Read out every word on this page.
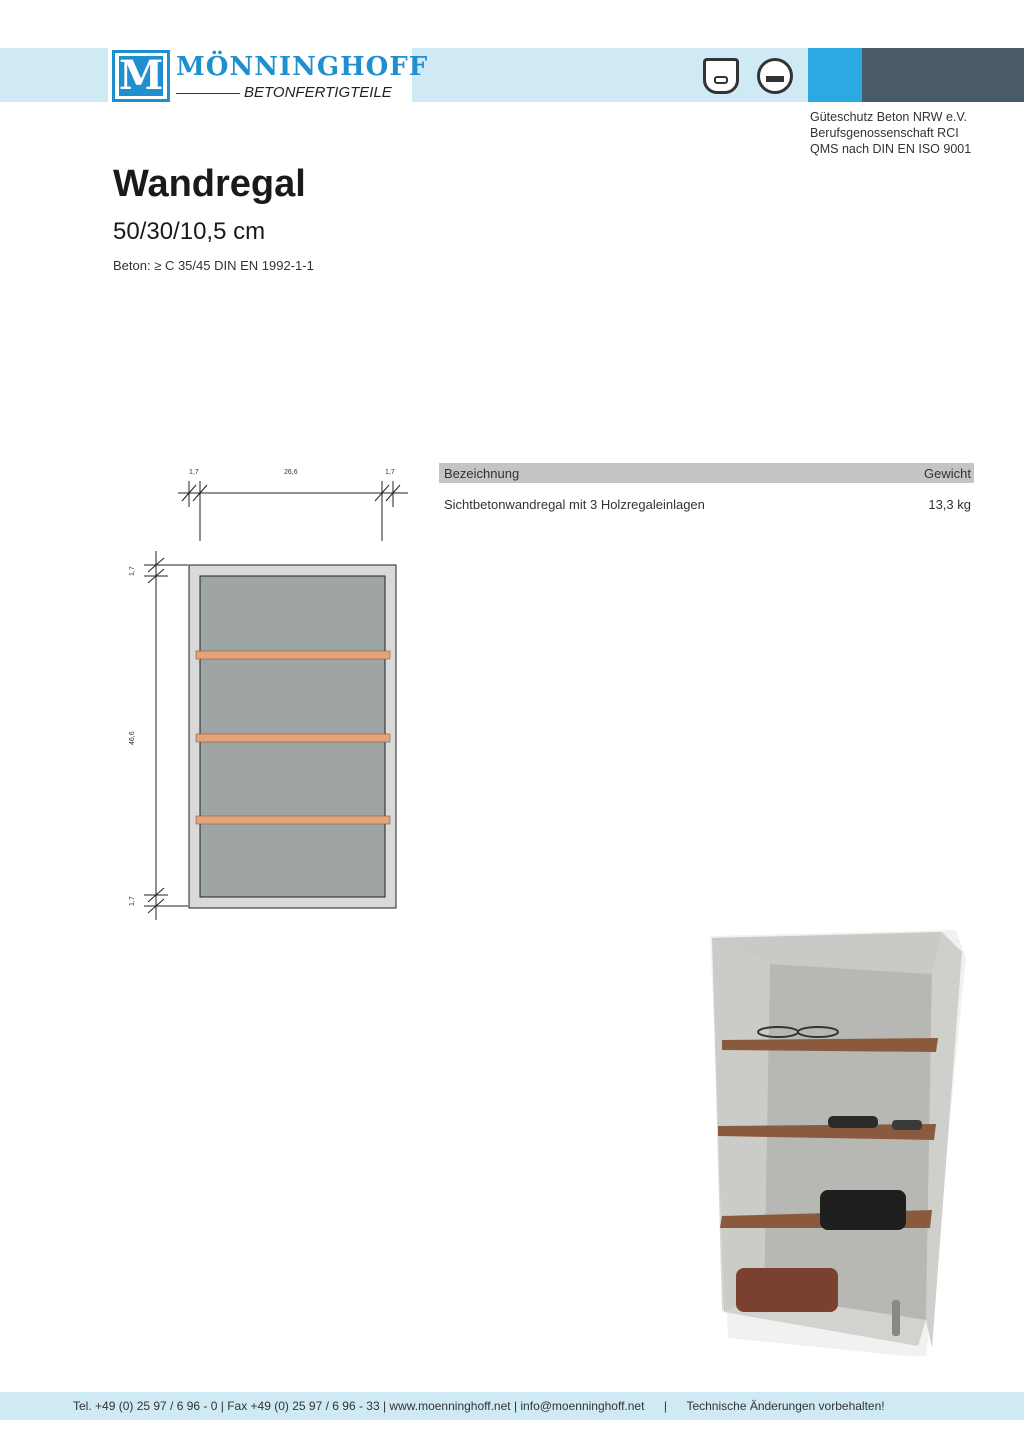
M MÖNNINGHOFF
BETONFERTIGTEILE
Güteschutz Beton NRW e.V.
Berufsgenossenschaft RCI
QMS nach DIN EN ISO 9001
Wandregal
50/30/10,5 cm
Beton: ≥ C 35/45 DIN EN 1992-1-1
1,7	26,6	1,7
1,7
46,6
1,7
Bezeichnung	Gewicht
Sichtbetonwandregal mit 3 Holzregaleinlagen	13,3 kg
Tel. +49 (0) 25 97 / 6 96 - 0 | Fax +49 (0) 25 97 / 6 96 - 33 | www.moenninghoff.net | info@moenninghoff.net | Technische Änderungen vorbehalten!
